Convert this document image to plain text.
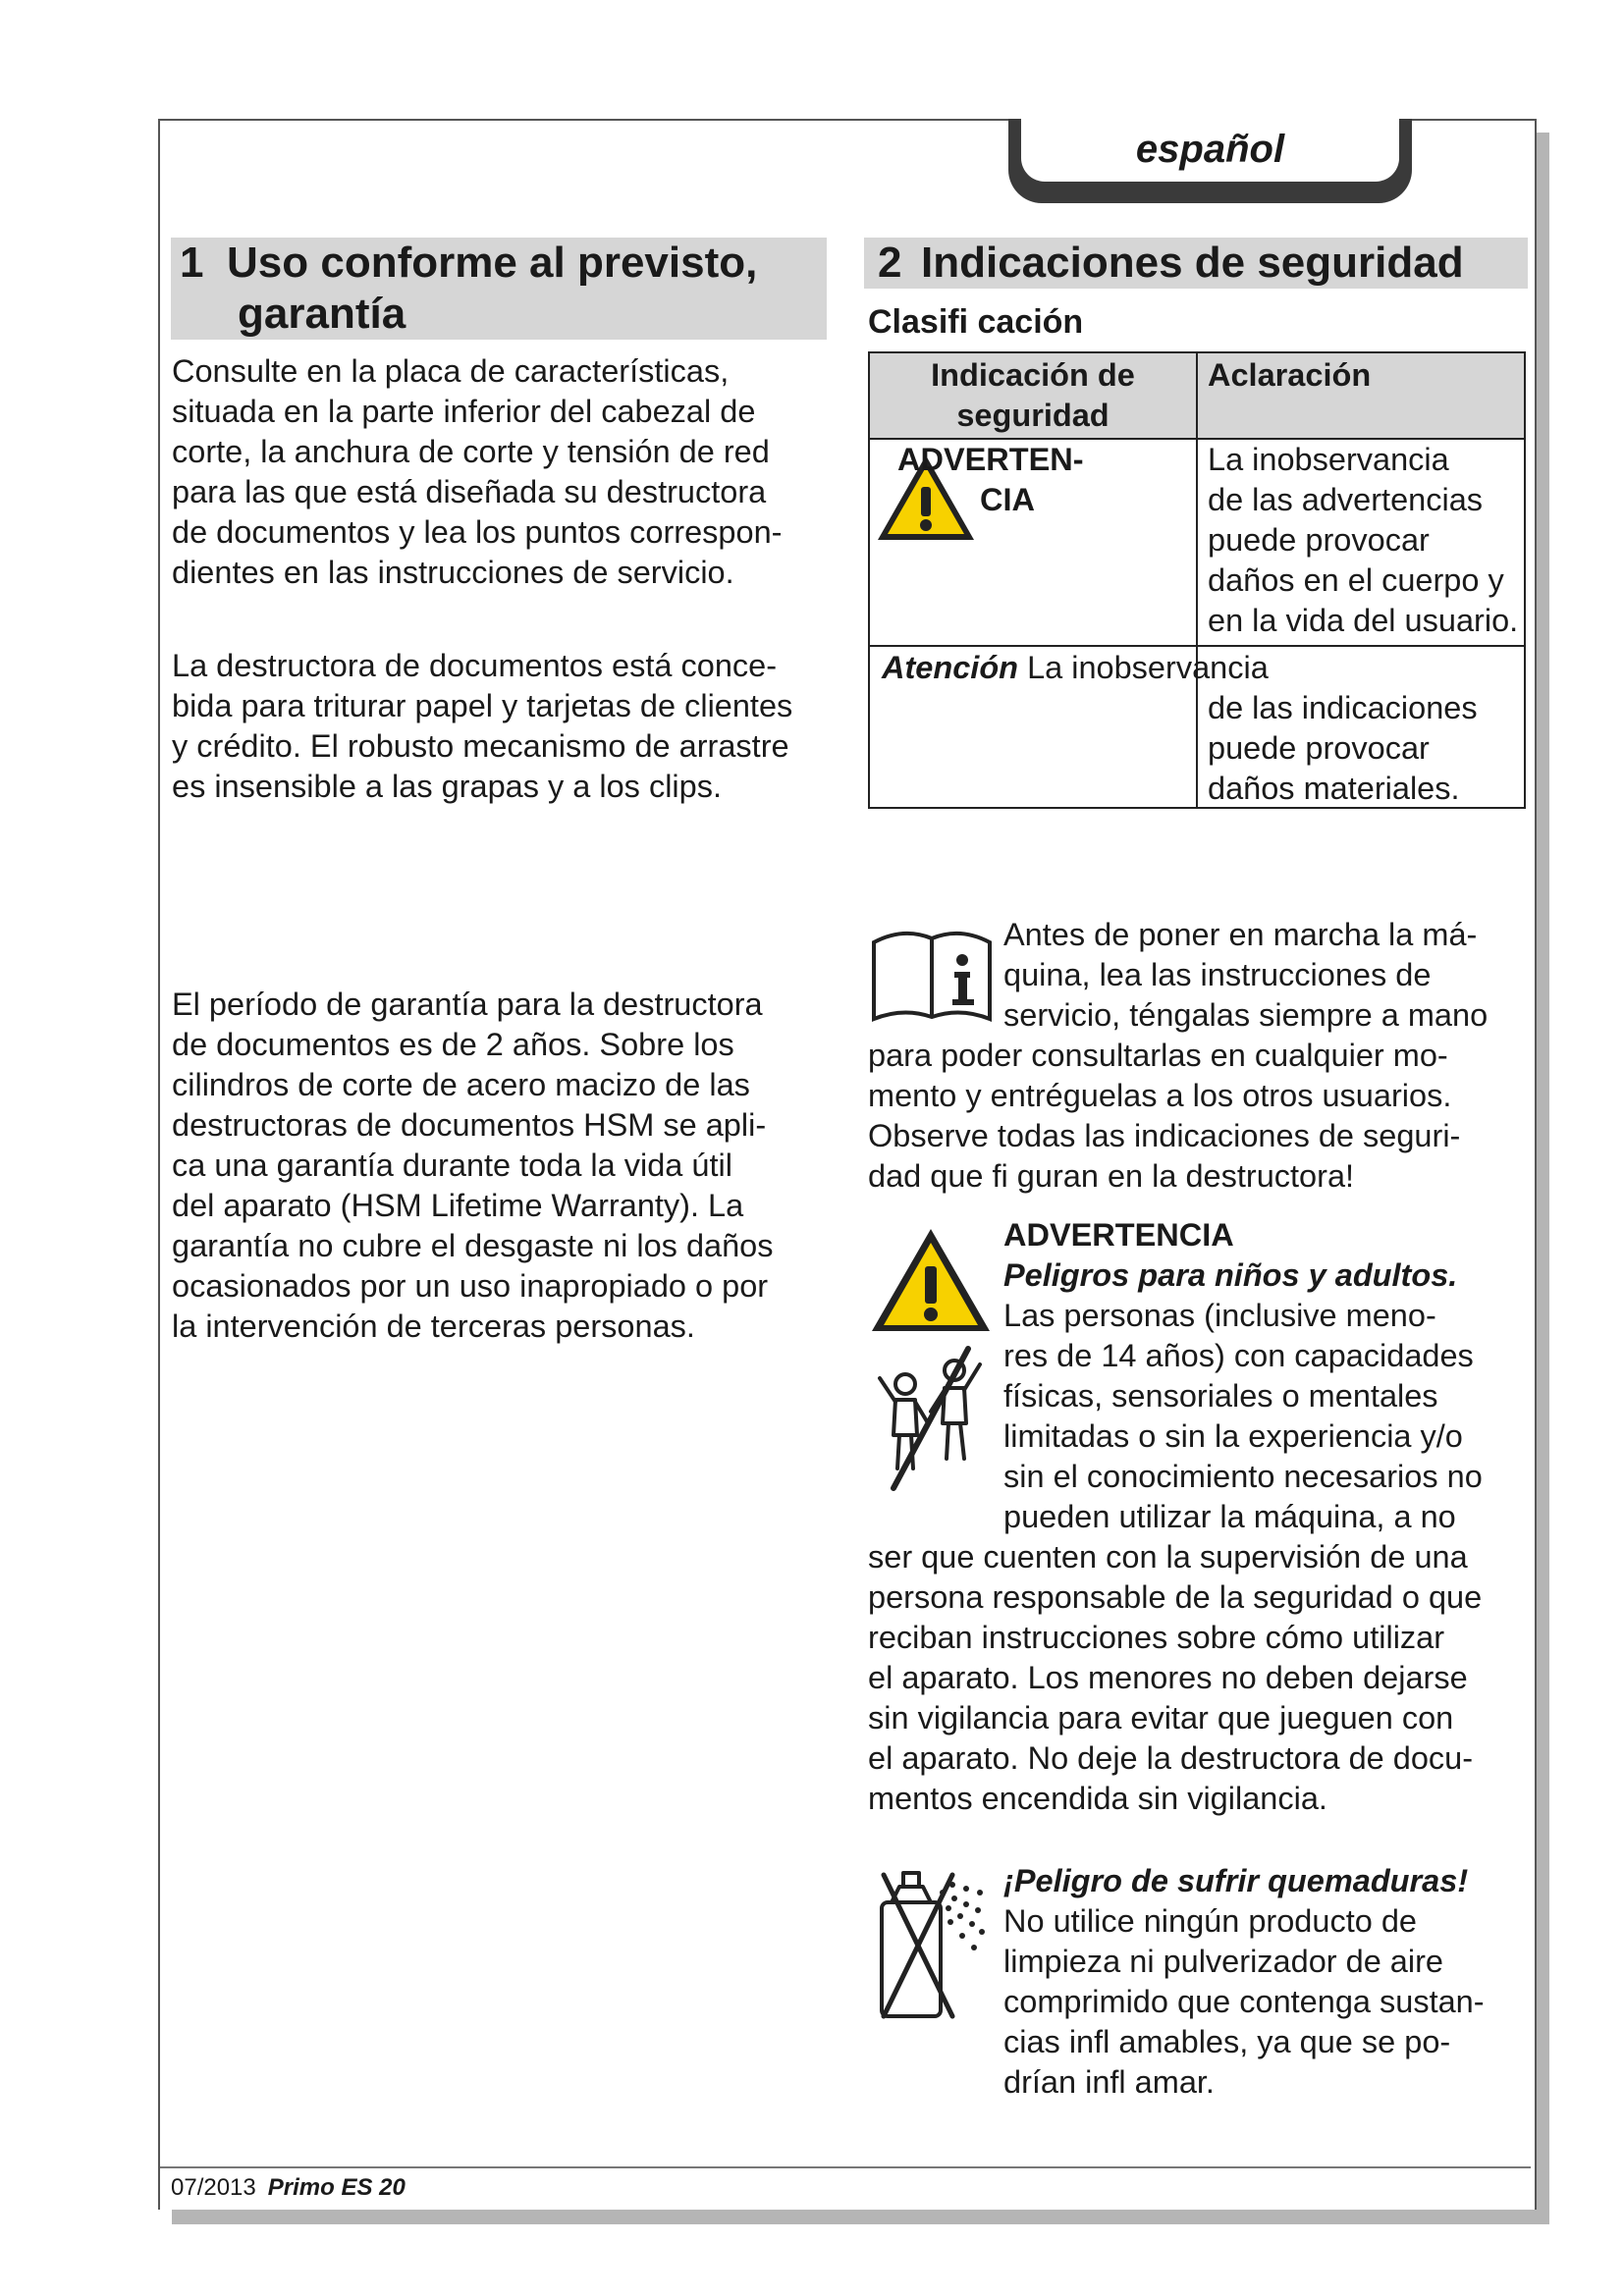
español
1 Uso conforme al previsto,
garantía
2 Indicaciones de seguridad
Consulte en la placa de características,
situada en la parte inferior del cabezal de
corte, la anchura de corte y tensión de red
para las que está diseñada su destructora
de documentos y lea los puntos correspon-
dientes en las instrucciones de servicio.
La destructora de documentos está conce-
bida para triturar papel y tarjetas de clientes
y crédito. El robusto mecanismo de arrastre
es insensible a las grapas y a los clips.
El período de garantía para la destructora
de documentos es de 2 años. Sobre los
cilindros de corte de acero macizo de las
destructoras de documentos HSM se apli-
ca una garantía durante toda la vida útil
del aparato (HSM Lifetime Warranty). La
garantía no cubre el desgaste ni los daños
ocasionados por un uso inapropiado o por
la intervención de terceras personas.
Clasifi cación
Indicación de
seguridad
Aclaración
ADVERTEN-
CIA
La inobservancia
de las advertencias
puede provocar
daños en el cuerpo y
en la vida del usuario.
Atención La inobservancia
de las indicaciones
puede provocar
daños materiales.
Antes de poner en marcha la má-
quina, lea las instrucciones de
servicio, téngalas siempre a mano
para poder consultarlas en cualquier mo-
mento y entréguelas a los otros usuarios.
Observe todas las indicaciones de seguri-
dad que fi guran en la destructora!
ADVERTENCIA
Peligros para niños y adultos.
Las personas (inclusive meno-
res de 14 años) con capacidades
físicas, sensoriales o mentales
limitadas o sin la experiencia y/o
sin el conocimiento necesarios no
pueden utilizar la máquina, a no
ser que cuenten con la supervisión de una
persona responsable de la seguridad o que
reciban instrucciones sobre cómo utilizar
el aparato. Los menores no deben dejarse
sin vigilancia para evitar que jueguen con
el aparato. No deje la destructora de docu-
mentos encendida sin vigilancia.
¡Peligro de sufrir quemaduras!
No utilice ningún producto de
limpieza ni pulverizador de aire
comprimido que contenga sustan-
cias infl amables, ya que se po-
drían infl amar.
07/2013 Primo ES 20
